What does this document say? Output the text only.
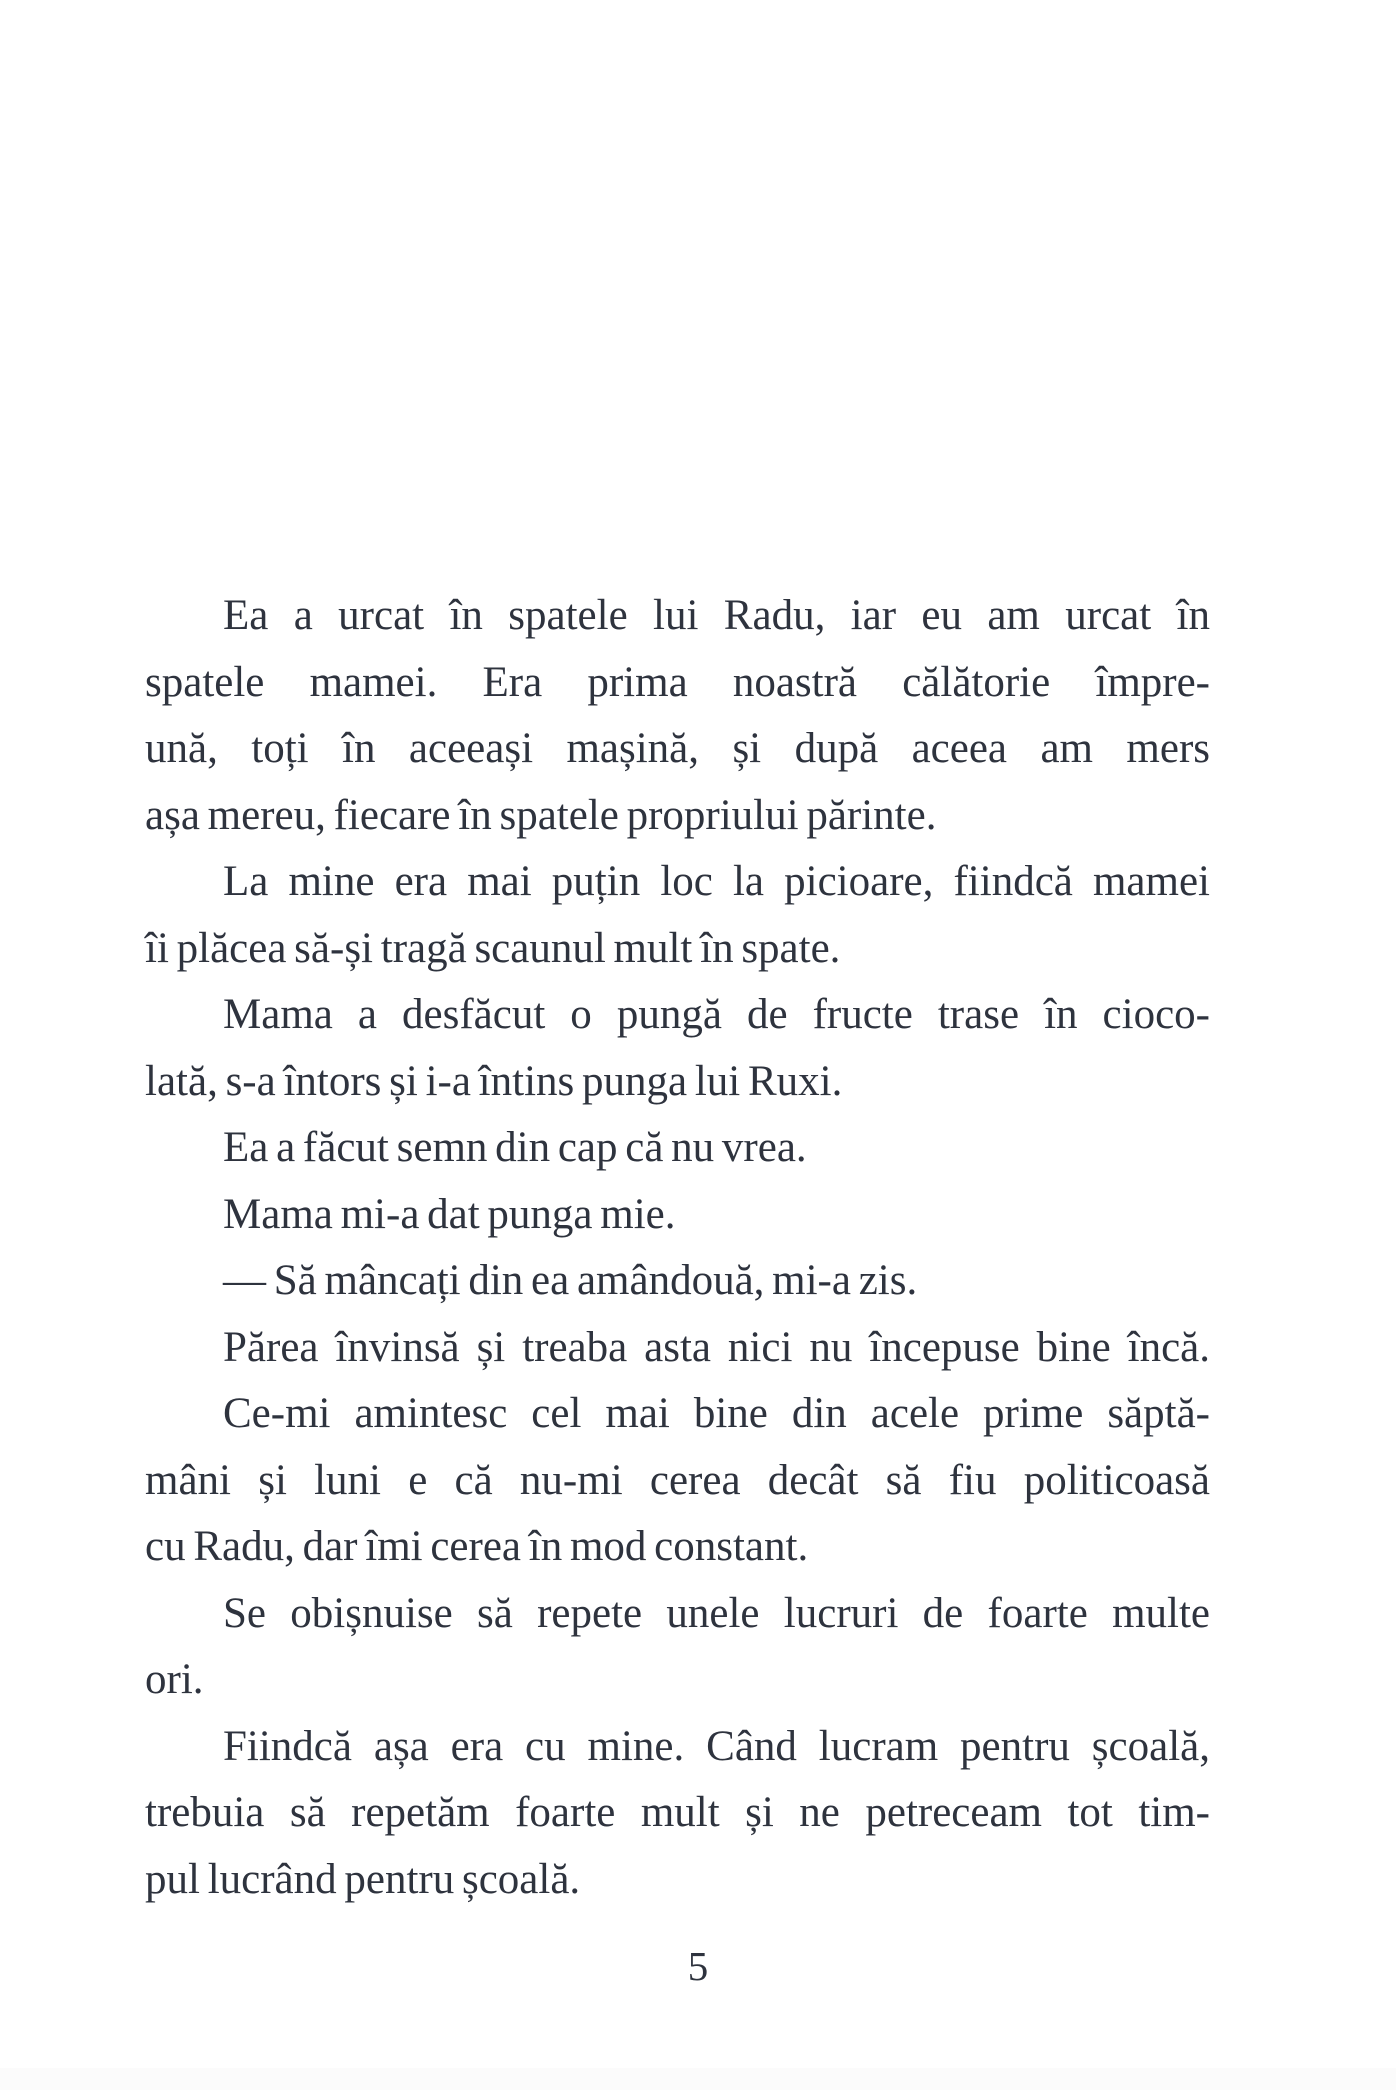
Ea a urcat în spatele lui Radu, iar eu am urcat în
spatele mamei. Era prima noastră călătorie împre-
ună, toți în aceeași mașină, și după aceea am mers
așa mereu, fiecare în spatele propriului părinte.
La mine era mai puțin loc la picioare, fiindcă mamei
îi plăcea să-și tragă scaunul mult în spate.
Mama a desfăcut o pungă de fructe trase în cioco-
lată, s-a întors și i-a întins punga lui Ruxi.
Ea a făcut semn din cap că nu vrea.
Mama mi-a dat punga mie.
— Să mâncați din ea amândouă, mi-a zis.
Părea învinsă și treaba asta nici nu începuse bine încă.
Ce-mi amintesc cel mai bine din acele prime săptă-
mâni și luni e că nu-mi cerea decât să fiu politicoasă
cu Radu, dar îmi cerea în mod constant.
Se obișnuise să repete unele lucruri de foarte multe
ori.
Fiindcă așa era cu mine. Când lucram pentru școală,
trebuia să repetăm foarte mult și ne petreceam tot tim-
pul lucrând pentru școală.
5
